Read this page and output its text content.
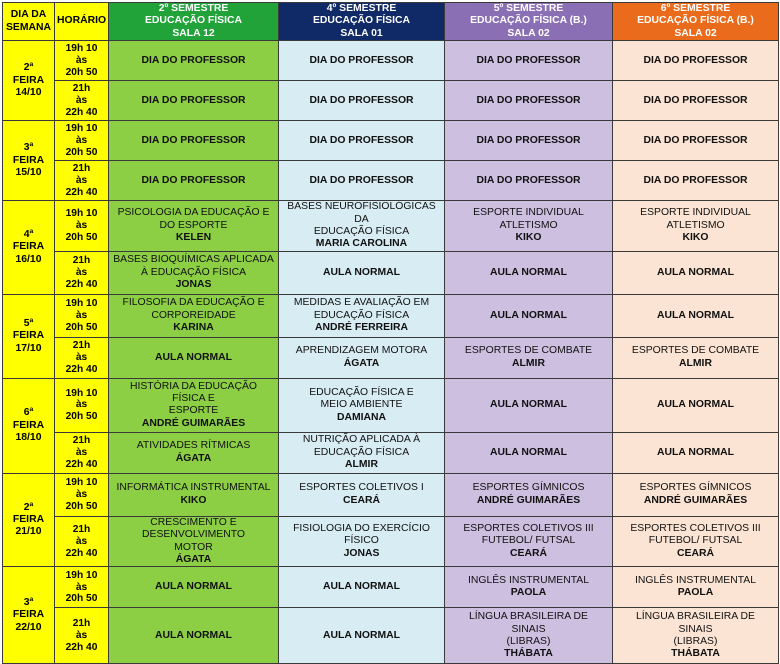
DIA DA
SEMANA	HORÁRIO	2º SEMESTRE
EDUCAÇÃO FÍSICA
SALA 12	4º SEMESTRE
EDUCAÇÃO FÍSICA
SALA 01	5º SEMESTRE
EDUCAÇÃO FÍSICA (B.)
SALA 02	6º SEMESTRE
EDUCAÇÃO FÍSICA (B.)
SALA 02

2ª
FEIRA
14/10	19h 10
às
20h 50	DIA DO PROFESSOR	DIA DO PROFESSOR	DIA DO PROFESSOR	DIA DO PROFESSOR

	21h
às
22h 40	DIA DO PROFESSOR	DIA DO PROFESSOR	DIA DO PROFESSOR	DIA DO PROFESSOR

3ª
FEIRA
15/10	19h 10
às
20h 50	DIA DO PROFESSOR	DIA DO PROFESSOR	DIA DO PROFESSOR	DIA DO PROFESSOR

	21h
às
22h 40	DIA DO PROFESSOR	DIA DO PROFESSOR	DIA DO PROFESSOR	DIA DO PROFESSOR

4ª
FEIRA
16/10	19h 10
às
20h 50	PSICOLOGIA DA EDUCAÇÃO E
DO ESPORTE
KELEN	BASES NEUROFISIOLÓGICAS
DA
EDUCAÇÃO FÍSICA
MARIA CAROLINA	ESPORTE INDIVIDUAL
ATLETISMO
KIKO	ESPORTE INDIVIDUAL
ATLETISMO
KIKO

	21h
às
22h 40	BASES BIOQUÍMICAS APLICADA
À EDUCAÇÃO FÍSICA
JONAS	AULA NORMAL	AULA NORMAL	AULA NORMAL

5ª
FEIRA
17/10	19h 10
às
20h 50	FILOSOFIA DA EDUCAÇÃO E
CORPOREIDADE
KARINA	MEDIDAS E AVALIAÇÃO EM
EDUCAÇÃO FÍSICA
ANDRÉ FERREIRA	AULA NORMAL	AULA NORMAL

	21h
às
22h 40	AULA NORMAL	APRENDIZAGEM MOTORA
ÁGATA	ESPORTES DE COMBATE
ALMIR	ESPORTES DE COMBATE
ALMIR

6ª
FEIRA
18/10	19h 10
às
20h 50	HISTÓRIA DA EDUCAÇÃO
FÍSICA E
ESPORTE
ANDRÉ GUIMARÃES	EDUCAÇÃO FÍSICA E
MEIO AMBIENTE
DAMIANA	AULA NORMAL	AULA NORMAL

	21h
às
22h 40	ATIVIDADES RÍTMICAS
ÁGATA	NUTRIÇÃO APLICADA À
EDUCAÇÃO FÍSICA
ALMIR	AULA NORMAL	AULA NORMAL

2ª
FEIRA
21/10	19h 10
às
20h 50	INFORMÁTICA INSTRUMENTAL
KIKO	ESPORTES COLETIVOS I
CEARÁ	ESPORTES GÍMNICOS
ANDRÉ GUIMARÃES	ESPORTES GÍMNICOS
ANDRÉ GUIMARÃES

	21h
às
22h 40	CRESCIMENTO E
DESENVOLVIMENTO
MOTOR
ÁGATA	FISIOLOGIA DO EXERCÍCIO
FÍSICO
JONAS	ESPORTES COLETIVOS III
FUTEBOL/ FUTSAL
CEARÁ	ESPORTES COLETIVOS III
FUTEBOL/ FUTSAL
CEARÁ

3ª
FEIRA
22/10	19h 10
às
20h 50	AULA NORMAL	AULA NORMAL	INGLÊS INSTRUMENTAL
PAOLA	INGLÊS INSTRUMENTAL
PAOLA

	21h
às
22h 40	AULA NORMAL	AULA NORMAL	LÍNGUA BRASILEIRA DE
SINAIS
(LIBRAS)
THÁBATA	LÍNGUA BRASILEIRA DE
SINAIS
(LIBRAS)
THÁBATA
